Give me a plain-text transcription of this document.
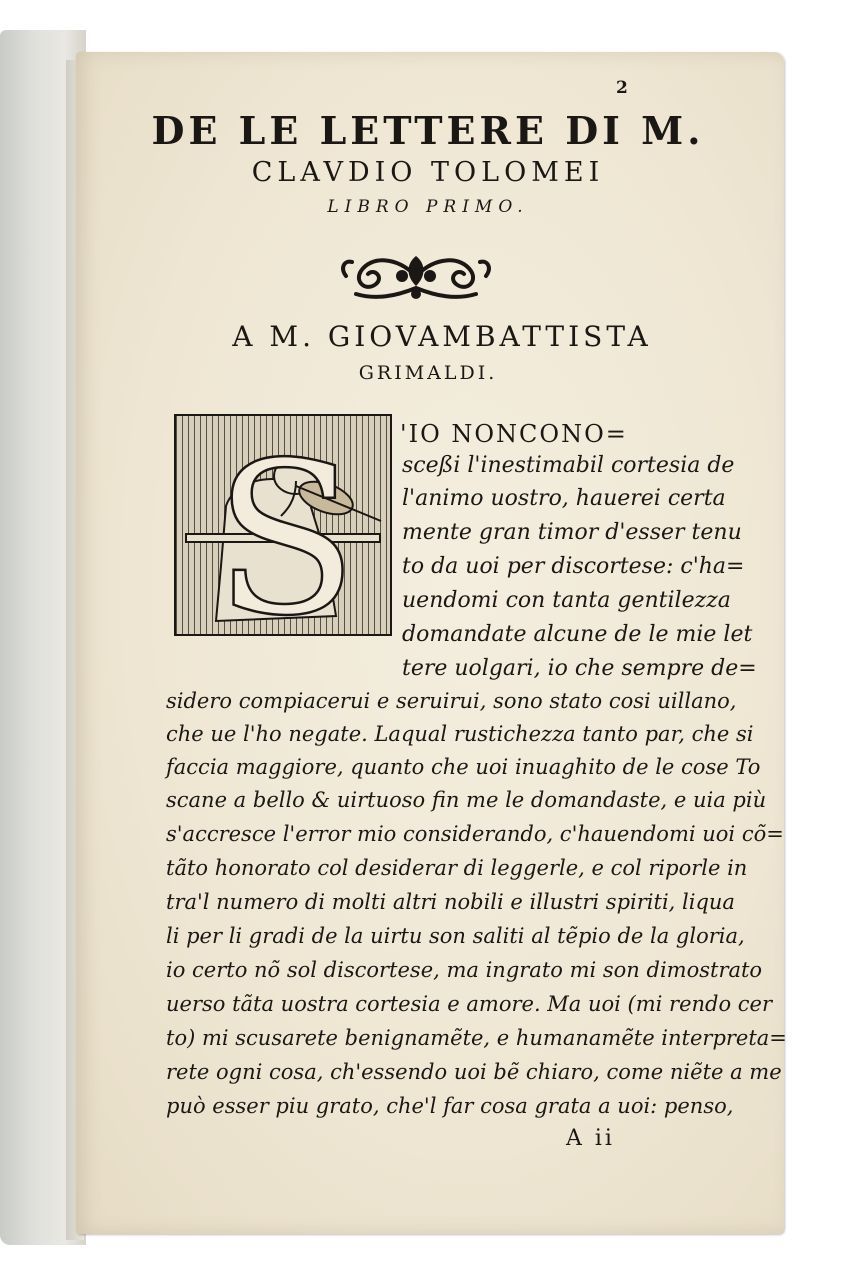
2
DE LE LETTERE DI M.
CLAVDIO TOLOMEI
LIBRO PRIMO.
A M. GIOVAMBATTISTA
GRIMALDI.
S 'IO NONCONO=
sceßi l'inestimabil cortesia de
l'animo uostro, hauerei certa
mente gran timor d'esser tenu
to da uoi per discortese: c'ha=
uendomi con tanta gentilezza
domandate alcune de le mie let
tere uolgari, io che sempre de=
sidero compiacerui e seruirui, sono stato cosi uillano,
che ue l'ho negate. Laqual rustichezza tanto par, che si
faccia maggiore, quanto che uoi inuaghito de le cose To
scane a bello & uirtuoso fin me le domandaste, e uia più
s'accresce l'error mio considerando, c'hauendomi uoi cõ=
tãto honorato col desiderar di leggerle, e col riporle in
tra'l numero di molti altri nobili e illustri spiriti, liqua
li per li gradi de la uirtu son saliti al tẽpio de la gloria,
io certo nõ sol discortese, ma ingrato mi son dimostrato
uerso tãta uostra cortesia e amore. Ma uoi (mi rendo cer
to) mi scusarete benignamẽte, e humanamẽte interpreta=
rete ogni cosa, ch'essendo uoi bẽ chiaro, come niẽte a me
può esser piu grato, che'l far cosa grata a uoi: penso,
A ii
